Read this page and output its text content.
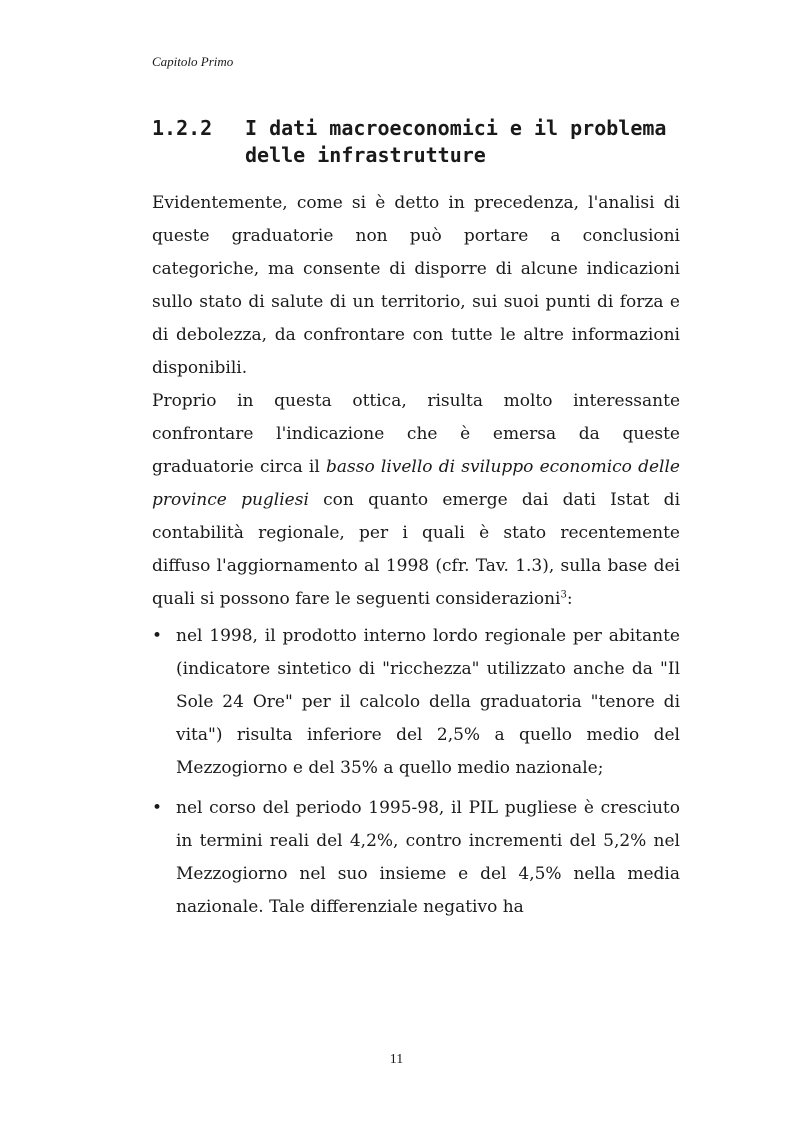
Capitolo Primo
1.2.2 I dati macroeconomici e il problema delle infrastrutture

Evidentemente, come si è detto in precedenza, l'analisi di queste graduatorie non può portare a conclusioni categoriche, ma consente di disporre di alcune indicazioni sullo stato di salute di un territorio, sui suoi punti di forza e di debolezza, da confrontare con tutte le altre informazioni disponibili.

Proprio in questa ottica, risulta molto interessante confrontare l'indicazione che è emersa da queste graduatorie circa il basso livello di sviluppo economico delle province pugliesi con quanto emerge dai dati Istat di contabilità regionale, per i quali è stato recentemente diffuso l'aggiornamento al 1998 (cfr. Tav. 1.3), sulla base dei quali si possono fare le seguenti considerazioni$^3$:

• nel 1998, il prodotto interno lordo regionale per abitante (indicatore sintetico di "ricchezza" utilizzato anche da "Il Sole 24 Ore" per il calcolo della graduatoria "tenore di vita") risulta inferiore del 2,5% a quello medio del Mezzogiorno e del 35% a quello medio nazionale;
• nel corso del periodo 1995-98, il PIL pugliese è cresciuto in termini reali del 4,2%, contro incrementi del 5,2% nel Mezzogiorno nel suo insieme e del 4,5% nella media nazionale. Tale differenziale negativo ha
11
